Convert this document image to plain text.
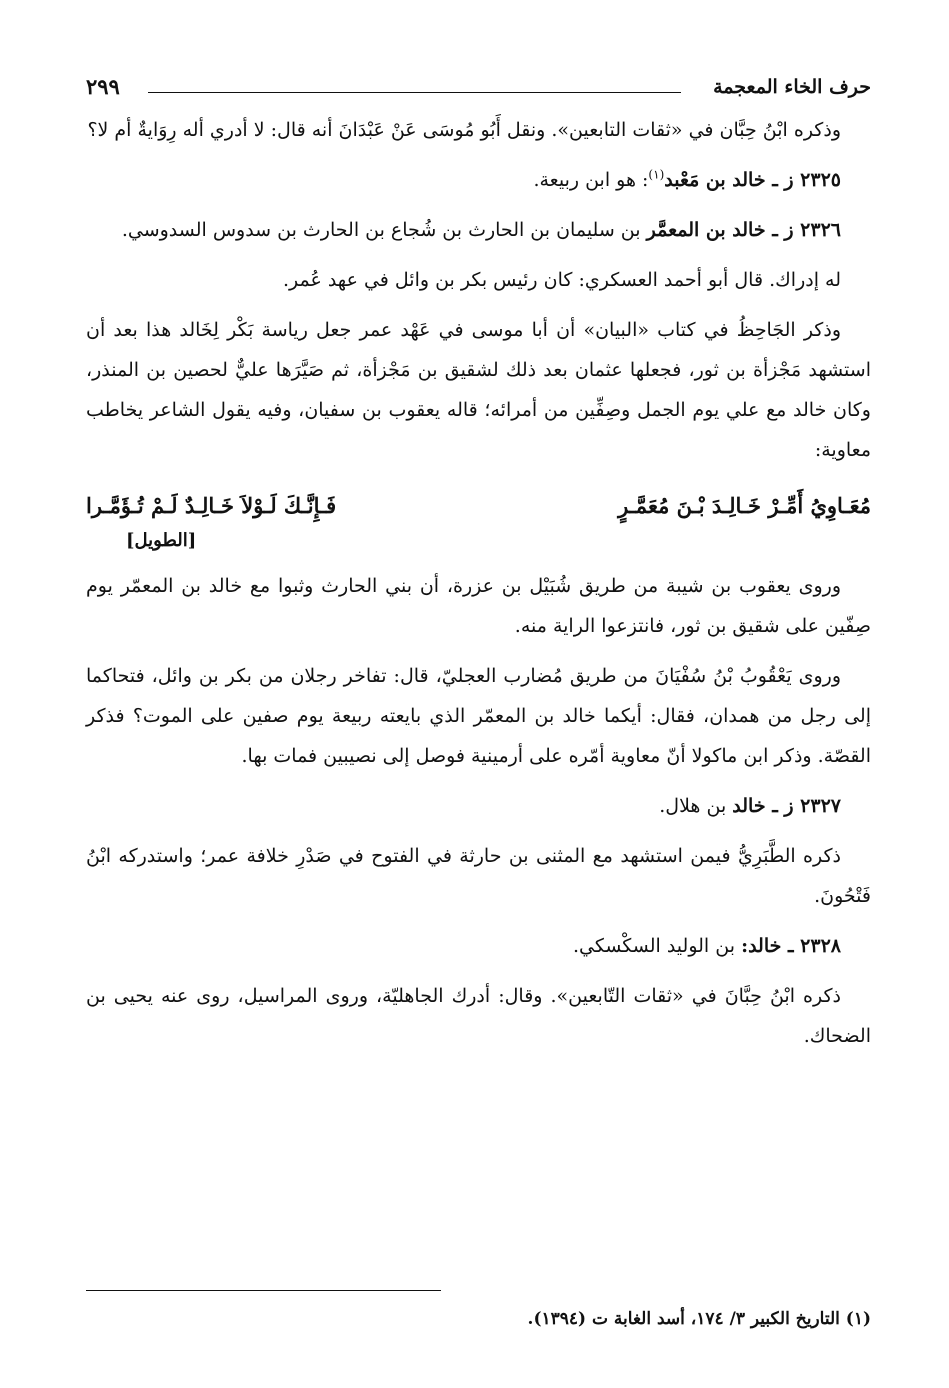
حرف الخاء المعجمة
٢٩٩

وذكره ابْنُ حِبَّان في «ثقات التابعين». ونقل أَبُو مُوسَى عَنْ عَبْدَانَ أنه قال: لا أدري أله رِوَايةٌ أم لا؟

٢٣٢٥ ز ـ خالد بن مَعْبد$^{(١)}$: هو ابن ربيعة.

٢٣٢٦ ز ـ خالد بن المعمَّر بن سليمان بن الحارث بن شُجاع بن الحارث بن سدوس السدوسي.

له إدراك. قال أبو أحمد العسكري: كان رئيس بكر بن وائل في عهد عُمر.

وذكر الجَاحِظُ في كتاب «البيان» أن أبا موسى في عَهْد عمر جعل رياسة بَكْر لِخَالد هذا بعد أن استشهد مَجْزأة بن ثور، فجعلها عثمان بعد ذلك لشقيق بن مَجْزأة، ثم صَيَّرَها عليٌّ لحصين بن المنذر، وكان خالد مع علي يوم الجمل وصِفِّين من أمرائه؛ قاله يعقوب بن سفيان، وفيه يقول الشاعر يخاطب معاوية:

مُعَـاوِيُ أَمِّـرْ خَـالِـدَ بْـنَ مُعَمَّـرٍ
فَـإِنَّـكَ لَـوْلاَ خَـالِـدٌ لَـمْ تُـؤَمَّـرا
[الطويل]

وروى يعقوب بن شيبة من طريق شُبَيْل بن عزرة، أن بني الحارث وثبوا مع خالد بن المعمّر يوم صِفّين على شقيق بن ثور، فانتزعوا الراية منه.

وروى يَعْقُوبُ بْنُ سُفْيَانَ من طريق مُضارب العجليّ، قال: تفاخر رجلان من بكر بن وائل، فتحاكما إلى رجل من همدان، فقال: أيكما خالد بن المعمّر الذي بايعته ربيعة يوم صفين على الموت؟ فذكر القصّة. وذكر ابن ماكولا أنّ معاوية أمّره على أرمينية فوصل إلى نصيبين فمات بها.

٢٣٢٧ ز ـ خالد بن هلال.

ذكره الطَّبَرِيُّ فيمن استشهد مع المثنى بن حارثة في الفتوح في صَدْرِ خلافة عمر؛ واستدركه ابْنُ فَتْحُونَ.

٢٣٢٨ ـ خالد: بن الوليد السكْسكي.

ذكره ابْنُ حِبَّانَ في «ثقات التّابعين». وقال: أدرك الجاهليّة، وروى المراسيل، روى عنه يحيى بن الضحاك.

(١) التاريخ الكبير ٣/ ١٧٤، أسد الغابة ت (١٣٩٤).
